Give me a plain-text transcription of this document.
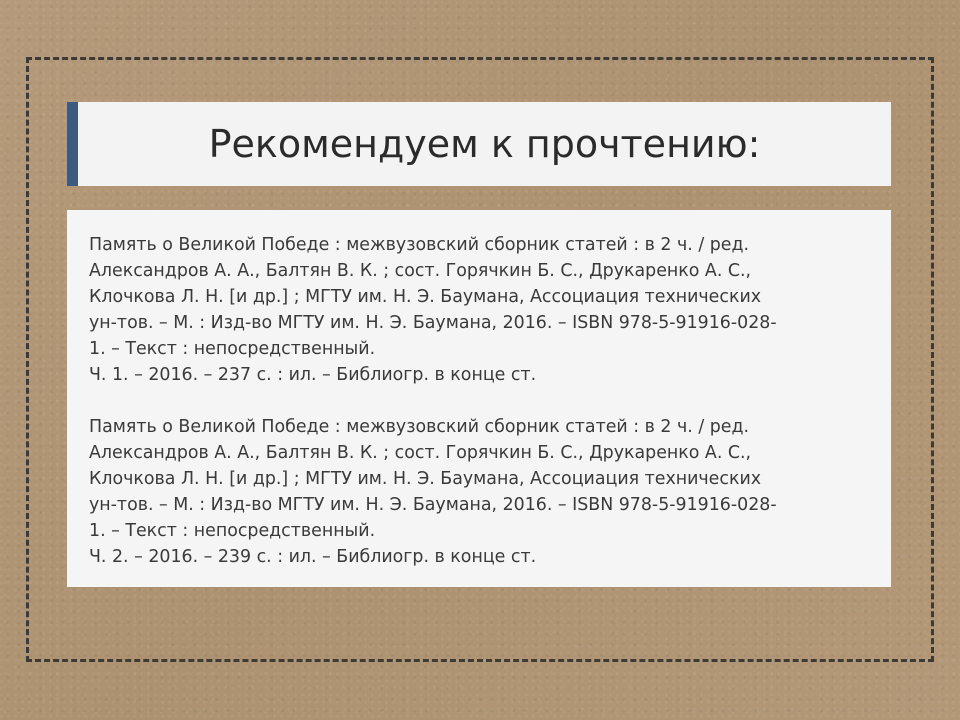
Рекомендуем к прочтению:
Память о Великой Победе : межвузовский сборник статей : в 2 ч. / ред.
Александров А. А., Балтян В. К. ; сост. Горячкин Б. С., Друкаренко А. С.,
Клочкова Л. Н. [и др.] ; МГТУ им. Н. Э. Баумана, Ассоциация технических
ун-тов. – М. : Изд-во МГТУ им. Н. Э. Баумана, 2016. – ISBN 978-5-91916-028-
1. – Текст : непосредственный.
Ч. 1. – 2016. – 237 с. : ил. – Библиогр. в конце ст.
Память о Великой Победе : межвузовский сборник статей : в 2 ч. / ред.
Александров А. А., Балтян В. К. ; сост. Горячкин Б. С., Друкаренко А. С.,
Клочкова Л. Н. [и др.] ; МГТУ им. Н. Э. Баумана, Ассоциация технических
ун-тов. – М. : Изд-во МГТУ им. Н. Э. Баумана, 2016. – ISBN 978-5-91916-028-
1. – Текст : непосредственный.
Ч. 2. – 2016. – 239 с. : ил. – Библиогр. в конце ст.
